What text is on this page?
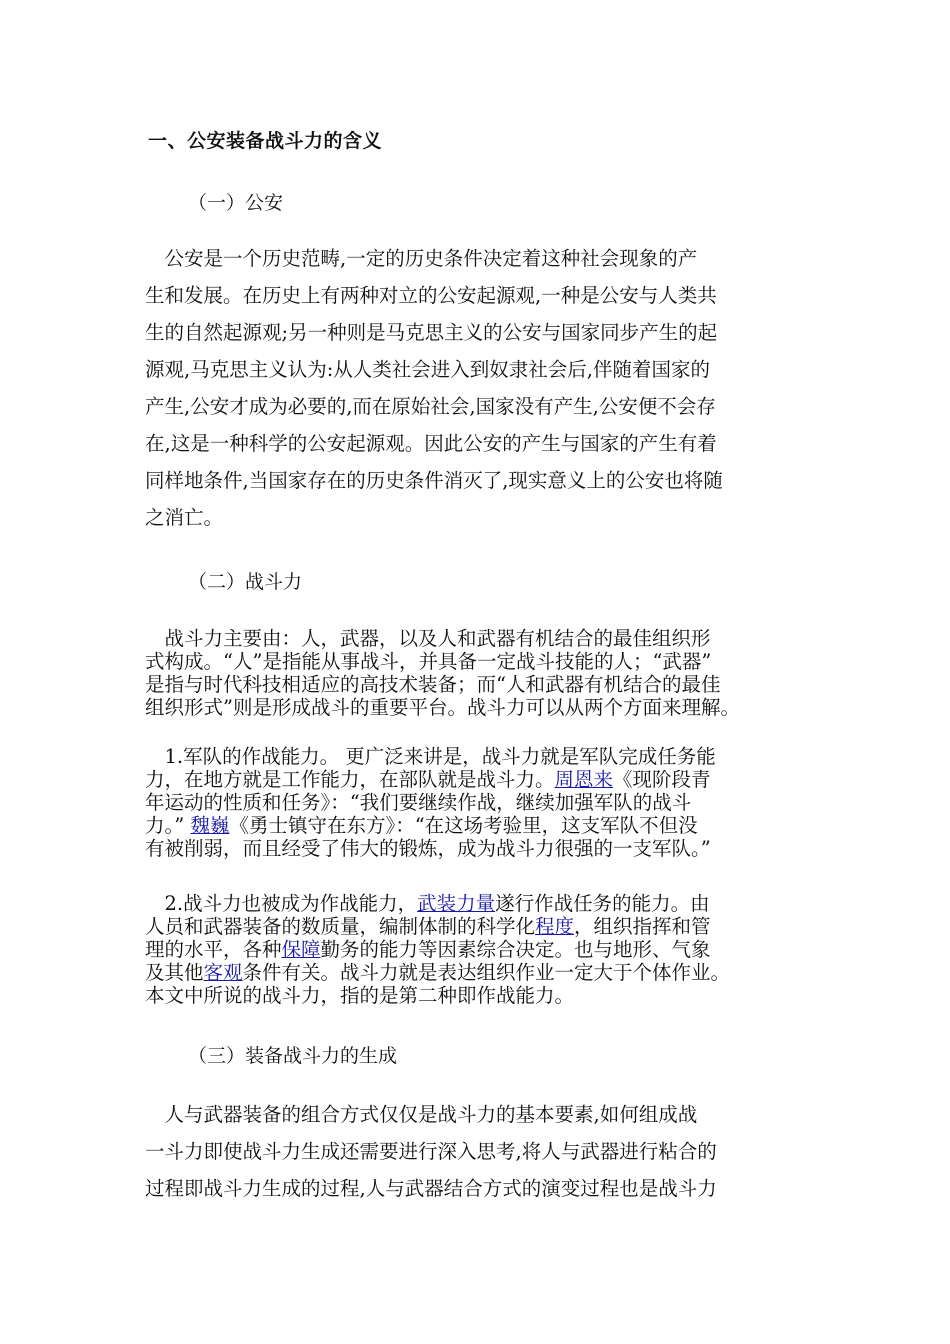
一、公安装备战斗力的含义
（一）公安
　公安是一个历史范畴,一定的历史条件决定着这种社会现象的产
生和发展。在历史上有两种对立的公安起源观,一种是公安与人类共
生的自然起源观;另一种则是马克思主义的公安与国家同步产生的起
源观,马克思主义认为:从人类社会进入到奴隶社会后,伴随着国家的
产生,公安才成为必要的,而在原始社会,国家没有产生,公安便不会存
在,这是一种科学的公安起源观。因此公安的产生与国家的产生有着
同样地条件,当国家存在的历史条件消灭了,现实意义上的公安也将随
之消亡。
（二）战斗力
　战斗力主要由：人，武器，以及人和武器有机结合的最佳组织形
式构成。“人”是指能从事战斗，并具备一定战斗技能的人；“武器”
是指与时代科技相适应的高技术装备；而“人和武器有机结合的最佳
组织形式”则是形成战斗的重要平台。战斗力可以从两个方面来理解。
　1.军队的作战能力。 更广泛来讲是，战斗力就是军队完成任务能
力，在地方就是工作能力，在部队就是战斗力。周恩来《现阶段青
年运动的性质和任务》：“我们要继续作战，继续加强军队的战斗
力。” 魏巍《勇士镇守在东方》：“在这场考验里，这支军队不但没
有被削弱，而且经受了伟大的锻炼，成为战斗力很强的一支军队。”
　2.战斗力也被成为作战能力，武装力量遂行作战任务的能力。由
人员和武器装备的数质量，编制体制的科学化程度，组织指挥和管
理的水平，各种保障勤务的能力等因素综合决定。也与地形、气象
及其他客观条件有关。战斗力就是表达组织作业一定大于个体作业。
本文中所说的战斗力，指的是第二种即作战能力。
（三）装备战斗力的生成
　人与武器装备的组合方式仅仅是战斗力的基本要素,如何组成战
一斗力即使战斗力生成还需要进行深入思考,将人与武器进行粘合的
过程即战斗力生成的过程,人与武器结合方式的演变过程也是战斗力
